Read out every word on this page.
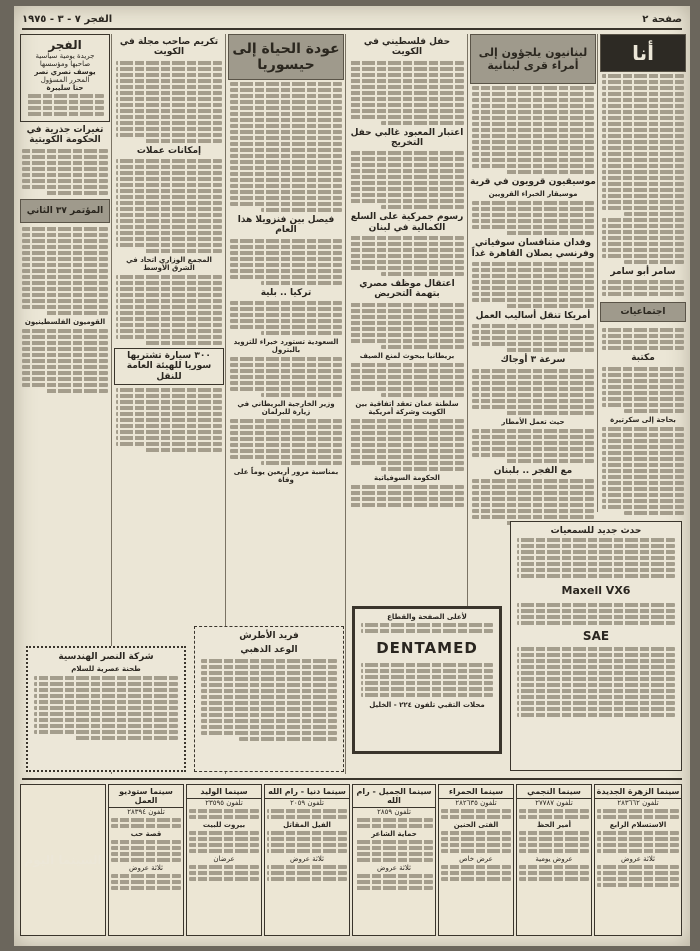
صفحة ٢
الفجر ٧ - ٣ - ١٩٧٥
أنا
سامر أبو سامر
اجتماعيات
مكتبة
بحاجة إلى سكرتيرة
لبنانيون يلجؤون إلى أمراء قرى لبنانية
موسيقيون قرويون في قرية
موسيقار الخبراء القرويين
وفدان متنافسان سوفياتي وفرنسي يصلان القاهرة غداً
أمريكا تنقل أساليب العمل
سرعة ٣ أوجاك
حيث تعمل الأمطار
مع الفجر .. بلبنان
حفل فلسطيني في الكويت
اعتبار المعبود غالبي حفل التخريج
رسوم جمركية على السلع الكمالية في لبنان
اعتقال موظف مصري بتهمة التحريض
بريطانيا ببحوث لمنع الصيف
سلطنة عمان تعقد اتفاقية بين الكويت وشركة أمريكية
الحكومة السوفياتية
عودة الحياة إلى حيسوريا
فيصل بين فنزويلا هذا العام
تركيا .. بلية
السعودية تستورد خبراء للتزويد بالبترول
وزير الخارجية البريطاني في زيارة للبرلمان
بمناسبة مرور أربعين يوماً على وفاة
تكريم صاحب مجلة في الكويت
إمكانات عملات
المجمع الوزاري اتحاد في الشرق الأوسط
٣٠٠ سيارة تشتريها سوريا للهيئة العامة للنقل
الفجر
جريدة يومية سياسية
صاحبها ومؤسسها
يوسف نصري نصر
المحرر المسؤول
حنا سليبرة
تغيرات جذرية في الحكومة الكويتية
المؤتمر ٣٧ الثاني
القوميون الفلسطينيون
حدث جديد للسمعيات
Maxell VX6
SAE
لأعلى الصفحة والقطاع
DENTAMED
محلات التقبي تلفون ٢٢٤ - الخليل
فريد الأطرش
الوعد الذهبي
شركة النصر الهندسية
طحنة عصرية للسلام
سينما الزهرة الجديدة
تلفون ٢٨٣٦٦٢
الاستسلام الرابع
ثلاثة عروض
سينما النجمي
تلفون ٢٧٧٨٧
أمير الحظ
عروض يومية
سينما الحمراء
تلفون ٢٨٢٦٣٥
الفتى الحنين
عرض خاص
سينما الجميل - رام الله
تلفون ٢٨٥٩
حماية الشاعر
ثلاثة عروض
سينما دنيا - رام الله
تلفون ٢٠٥٩
الفيل المقاتل
ثلاثة عروض
سينما الوليد
تلفون ٢٣٥٩٥
بيروت للبيت
عرضان
سينما ستوديو العمل
تلفون ٢٨٣٩٤
قصة حب
ثلاثة عروض
السينما اليوم
